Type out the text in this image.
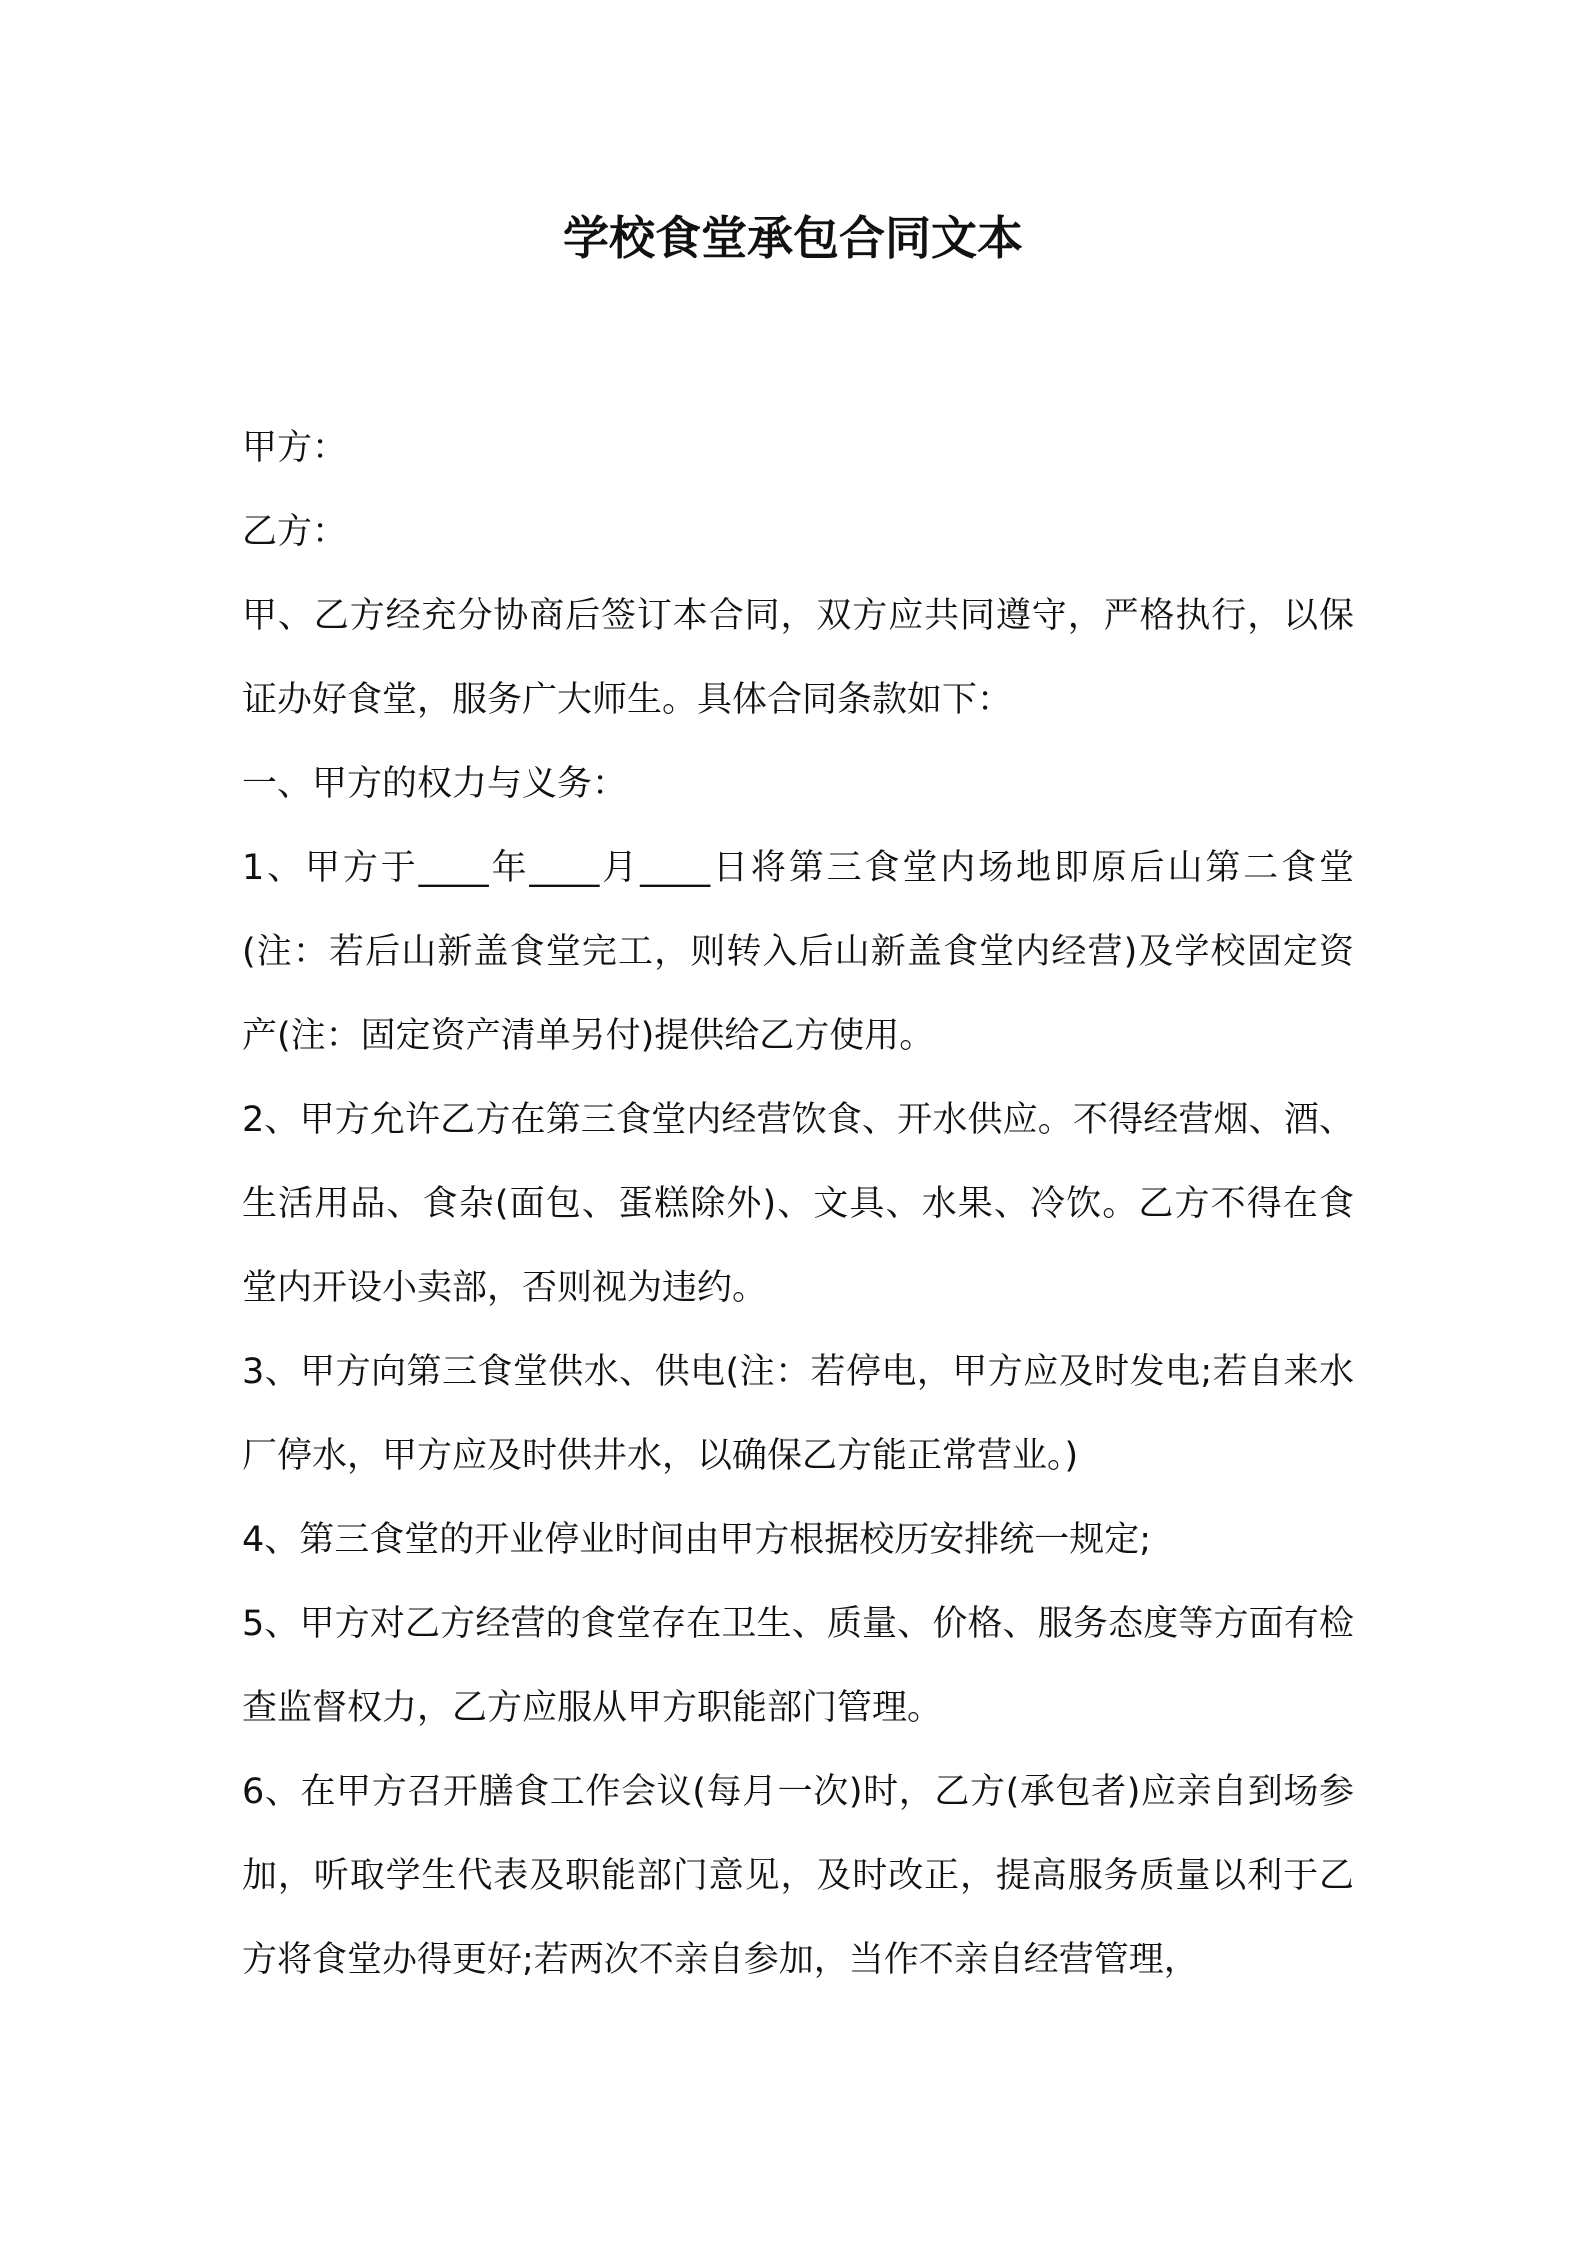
学校食堂承包合同文本

甲方：

乙方：

甲、乙方经充分协商后签订本合同，双方应共同遵守，严格执行，以保证办好食堂，服务广大师生。具体合同条款如下：

一、甲方的权力与义务：

1、甲方于____年____月____日将第三食堂内场地即原后山第二食堂(注：若后山新盖食堂完工，则转入后山新盖食堂内经营)及学校固定资产(注：固定资产清单另付)提供给乙方使用。

2、甲方允许乙方在第三食堂内经营饮食、开水供应。不得经营烟、酒、生活用品、食杂(面包、蛋糕除外)、文具、水果、冷饮。乙方不得在食堂内开设小卖部，否则视为违约。

3、甲方向第三食堂供水、供电(注：若停电，甲方应及时发电;若自来水厂停水，甲方应及时供井水，以确保乙方能正常营业。)

4、第三食堂的开业停业时间由甲方根据校历安排统一规定;

5、甲方对乙方经营的食堂存在卫生、质量、价格、服务态度等方面有检查监督权力，乙方应服从甲方职能部门管理。

6、在甲方召开膳食工作会议(每月一次)时，乙方(承包者)应亲自到场参加，听取学生代表及职能部门意见，及时改正，提高服务质量以利于乙方将食堂办得更好;若两次不亲自参加，当作不亲自经营管理，
